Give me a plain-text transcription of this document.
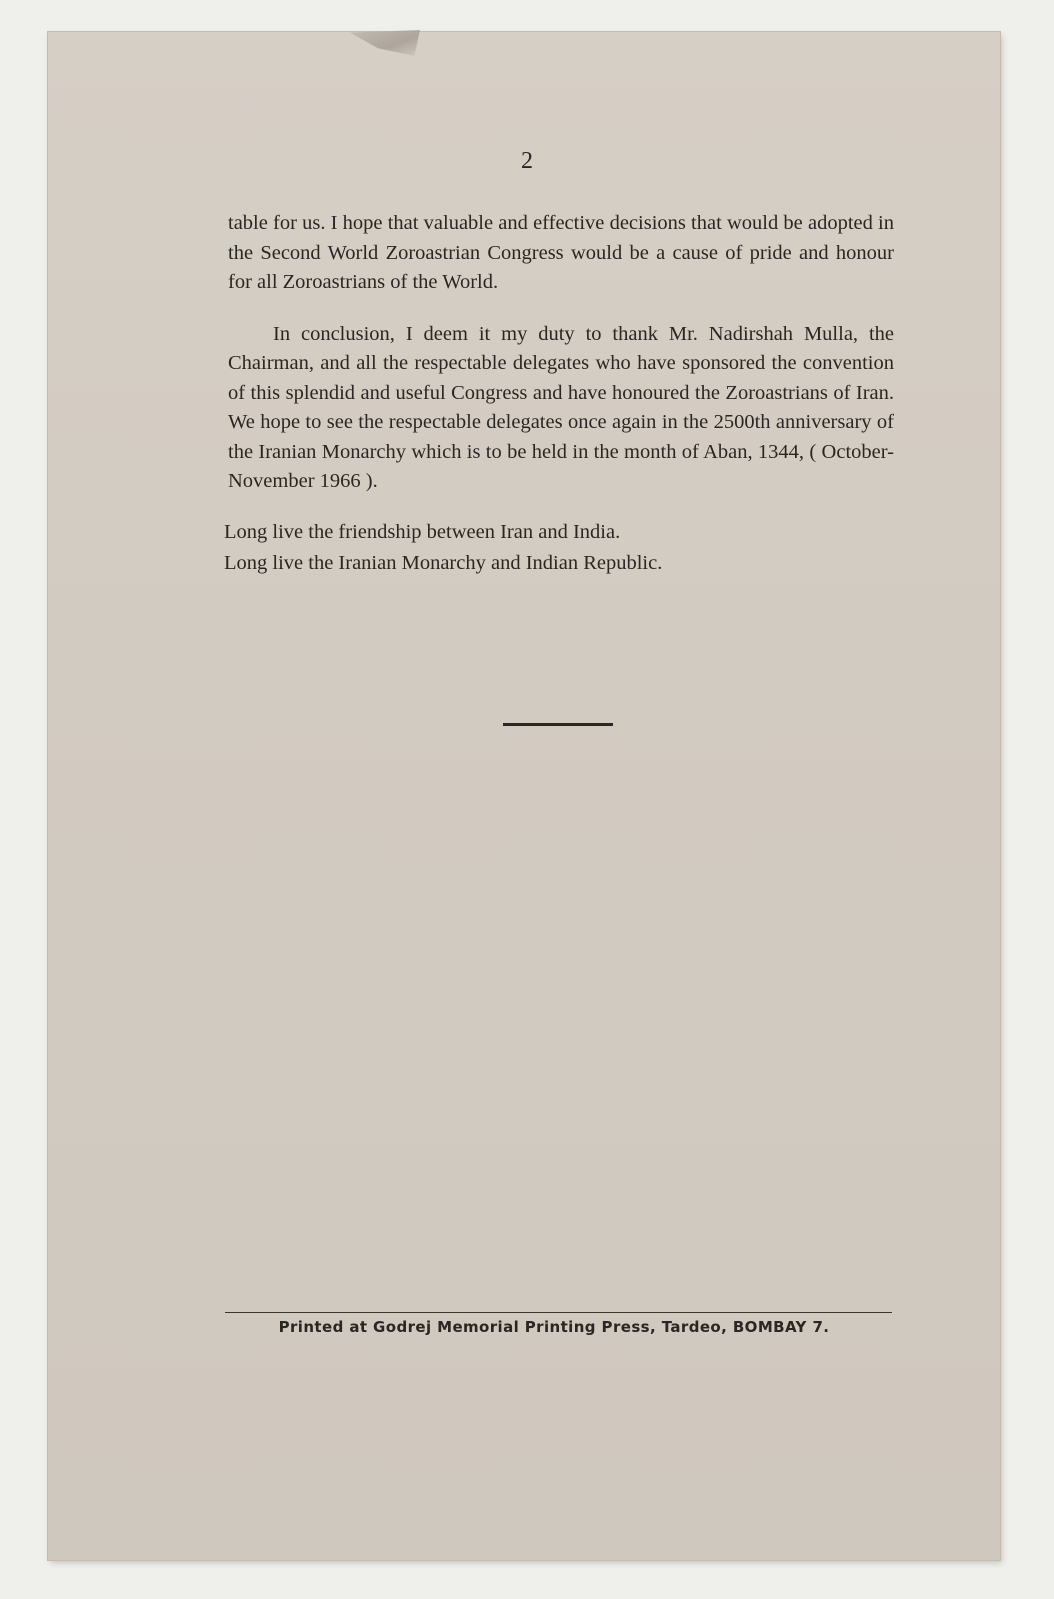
2

table for us. I hope that valuable and effective decisions that would be adopted in the Second World Zoroastrian Congress would be a cause of pride and honour for all Zoroastrians of the World.

In conclusion, I deem it my duty to thank Mr. Nadirshah Mulla, the Chairman, and all the respectable delegates who have sponsored the convention of this splendid and useful Congress and have honoured the Zoroastrians of Iran. We hope to see the respectable delegates once again in the 2500th anniversary of the Iranian Monarchy which is to be held in the month of Aban, 1344, ( October-November 1966 ).

Long live the friendship between Iran and India.
Long live the Iranian Monarchy and Indian Republic.
Printed at Godrej Memorial Printing Press, Tardeo, BOMBAY 7.
